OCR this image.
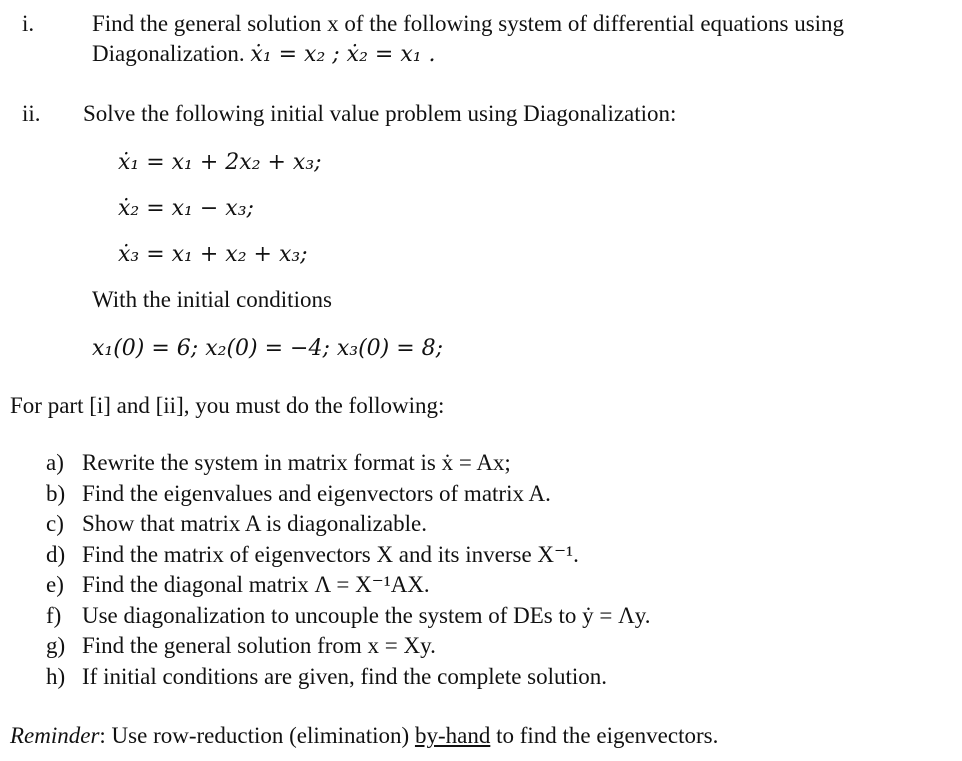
i.	Find the general solution x of the following system of differential equations using
Diagonalization. ẋ₁ = x₂ ; ẋ₂ = x₁ .
ii. Solve the following initial value problem using Diagonalization:
ẋ₁ = x₁ + 2x₂ + x₃;
ẋ₂ = x₁ − x₃;
ẋ₃ = x₁ + x₂ + x₃;
With the initial conditions
x₁(0) = 6; x₂(0) = −4; x₃(0) = 8;
For part [i] and [ii], you must do the following:
a) Rewrite the system in matrix format is ẋ = Ax;
b) Find the eigenvalues and eigenvectors of matrix A.
c) Show that matrix A is diagonalizable.
d) Find the matrix of eigenvectors X and its inverse X⁻¹.
e) Find the diagonal matrix Λ = X⁻¹AX.
f) Use diagonalization to uncouple the system of DEs to ẏ = Λy.
g) Find the general solution from x = Xy.
h) If initial conditions are given, find the complete solution.
Reminder: Use row-reduction (elimination) by-hand to find the eigenvectors.
